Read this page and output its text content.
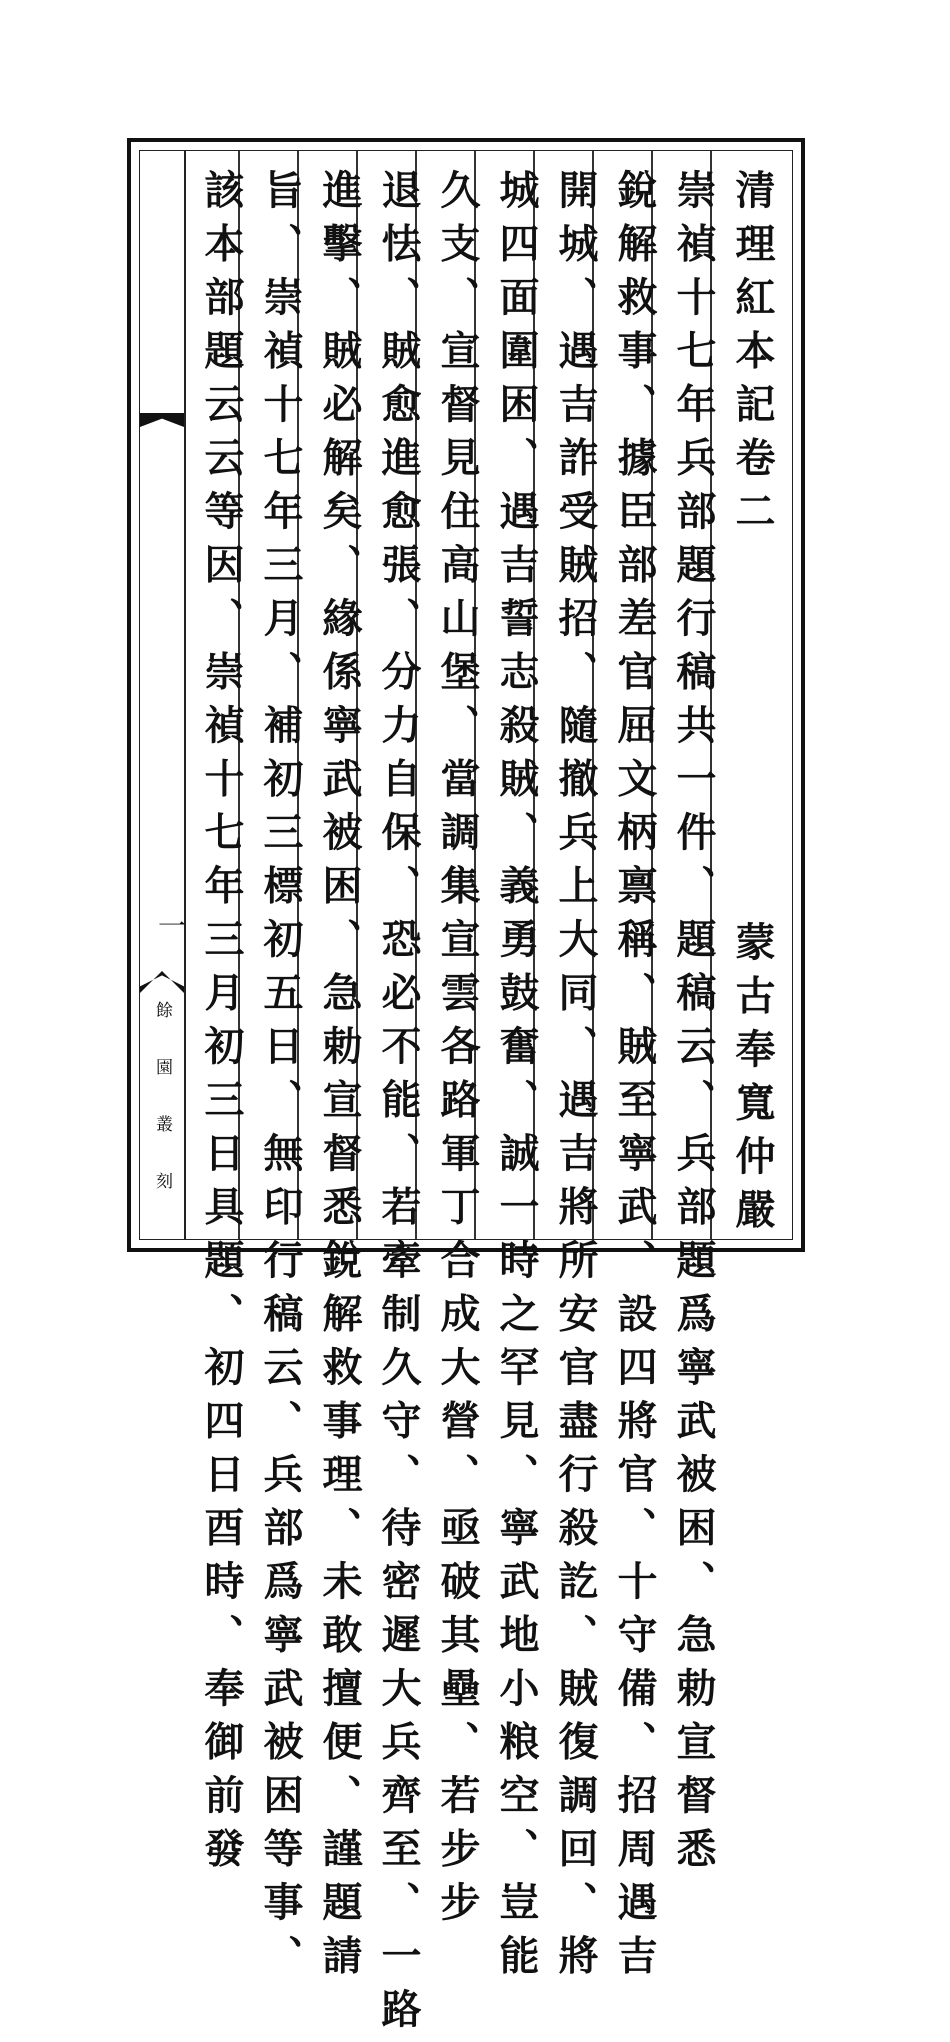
一
餘園叢刻
清理紅本記卷二
蒙古奉寬仲嚴
崇禎十七年兵部題行稿共一件、題稿云、兵部題爲寧武被困、急勅宣督悉
銳解救事、據臣部差官屈文柄禀稱、賊至寧武、設四將官、十守備、招周遇吉
開城、遇吉詐受賊招、隨撤兵上大同、遇吉將所安官盡行殺訖、賊復調回、將
城四面圍困、遇吉誓志殺賊、義勇鼓奮、誠一時之罕見、寧武地小粮空、豈能
久支、宣督見住高山堡、當調集宣雲各路軍丁合成大營、亟破其壘、若步步
退怯、賊愈進愈張、分力自保、恐必不能、若牽制久守、待密遲大兵齊至、一路
進擊、賊必解矣、緣係寧武被困、急勅宣督悉銳解救事理、未敢擅便、謹題請
旨、崇禎十七年三月、補初三標初五日、無印行稿云、兵部爲寧武被困等事、
該本部題云云等因、崇禎十七年三月初三日具題、初四日酉時、奉御前發
